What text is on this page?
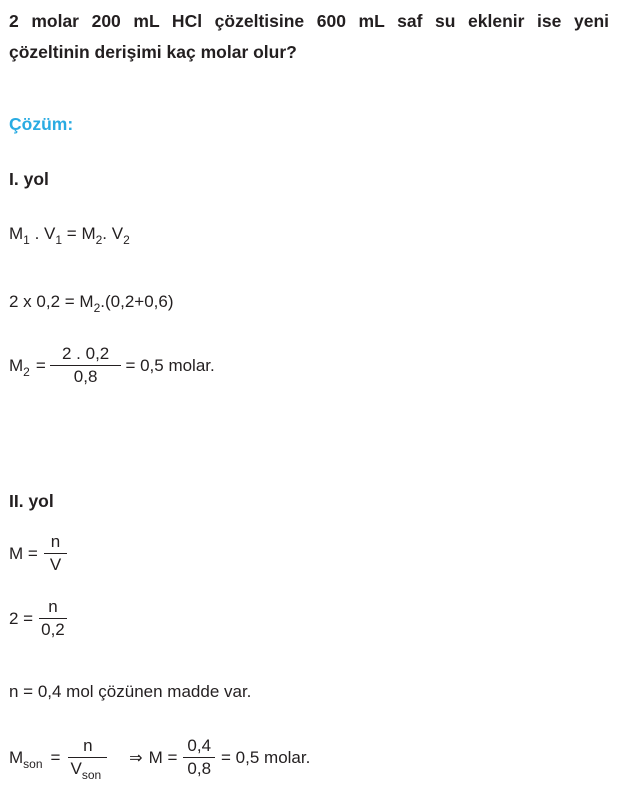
2 molar 200 mL HCl çözeltisine 600 mL saf su eklenir ise yeni
çözeltinin derişimi kaç molar olur?
Çözüm:
I. yol
$M_1$ . $V_1 = M_2$. $V_2$
2 x $0,2 = M_2.(0,2+0,6)$
$M_2 = \frac{2 . 0,2}{0,8} = 0,5$ molar.
II. yol
$M = \frac{n}{V}$
$2 = \frac{n}{0,2}$
n = 0,4 mol çözünen madde var.
$M_{son} = \frac{n}{V_{son}}$ ⇒ $M = \frac{0,4}{0,8} = 0,5$ molar.
